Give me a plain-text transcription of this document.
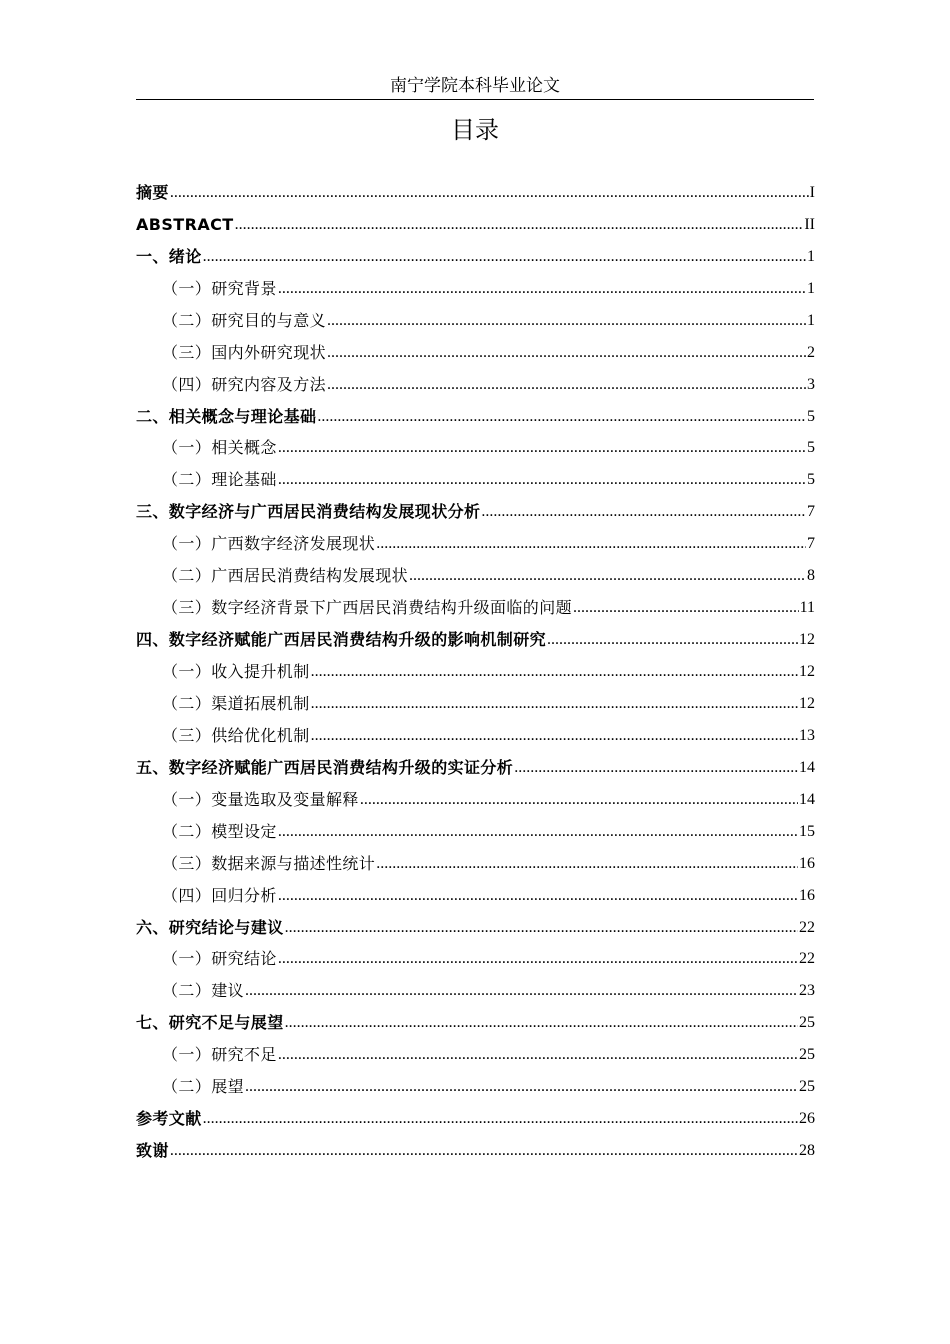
南宁学院本科毕业论文
目录
摘要 .....	I
ABSTRACT .....	II
一、绪论 .....	1
（一）研究背景 .....	1
（二）研究目的与意义 .....	1
（三）国内外研究现状 .....	2
（四）研究内容及方法 .....	3
二、相关概念与理论基础 .....	5
（一）相关概念 .....	5
（二）理论基础 .....	5
三、数字经济与广西居民消费结构发展现状分析 .....	7
（一）广西数字经济发展现状 .....	7
（二）广西居民消费结构发展现状 .....	8
（三）数字经济背景下广西居民消费结构升级面临的问题 .....	11
四、数字经济赋能广西居民消费结构升级的影响机制研究 .....	12
（一）收入提升机制 .....	12
（二）渠道拓展机制 .....	12
（三）供给优化机制 .....	13
五、数字经济赋能广西居民消费结构升级的实证分析 .....	14
（一）变量选取及变量解释 .....	14
（二）模型设定 .....	15
（三）数据来源与描述性统计 .....	16
（四）回归分析 .....	16
六、研究结论与建议 .....	22
（一）研究结论 .....	22
（二）建议 .....	23
七、研究不足与展望 .....	25
（一）研究不足 .....	25
（二）展望 .....	25
参考文献 .....	26
致谢 .....	28
